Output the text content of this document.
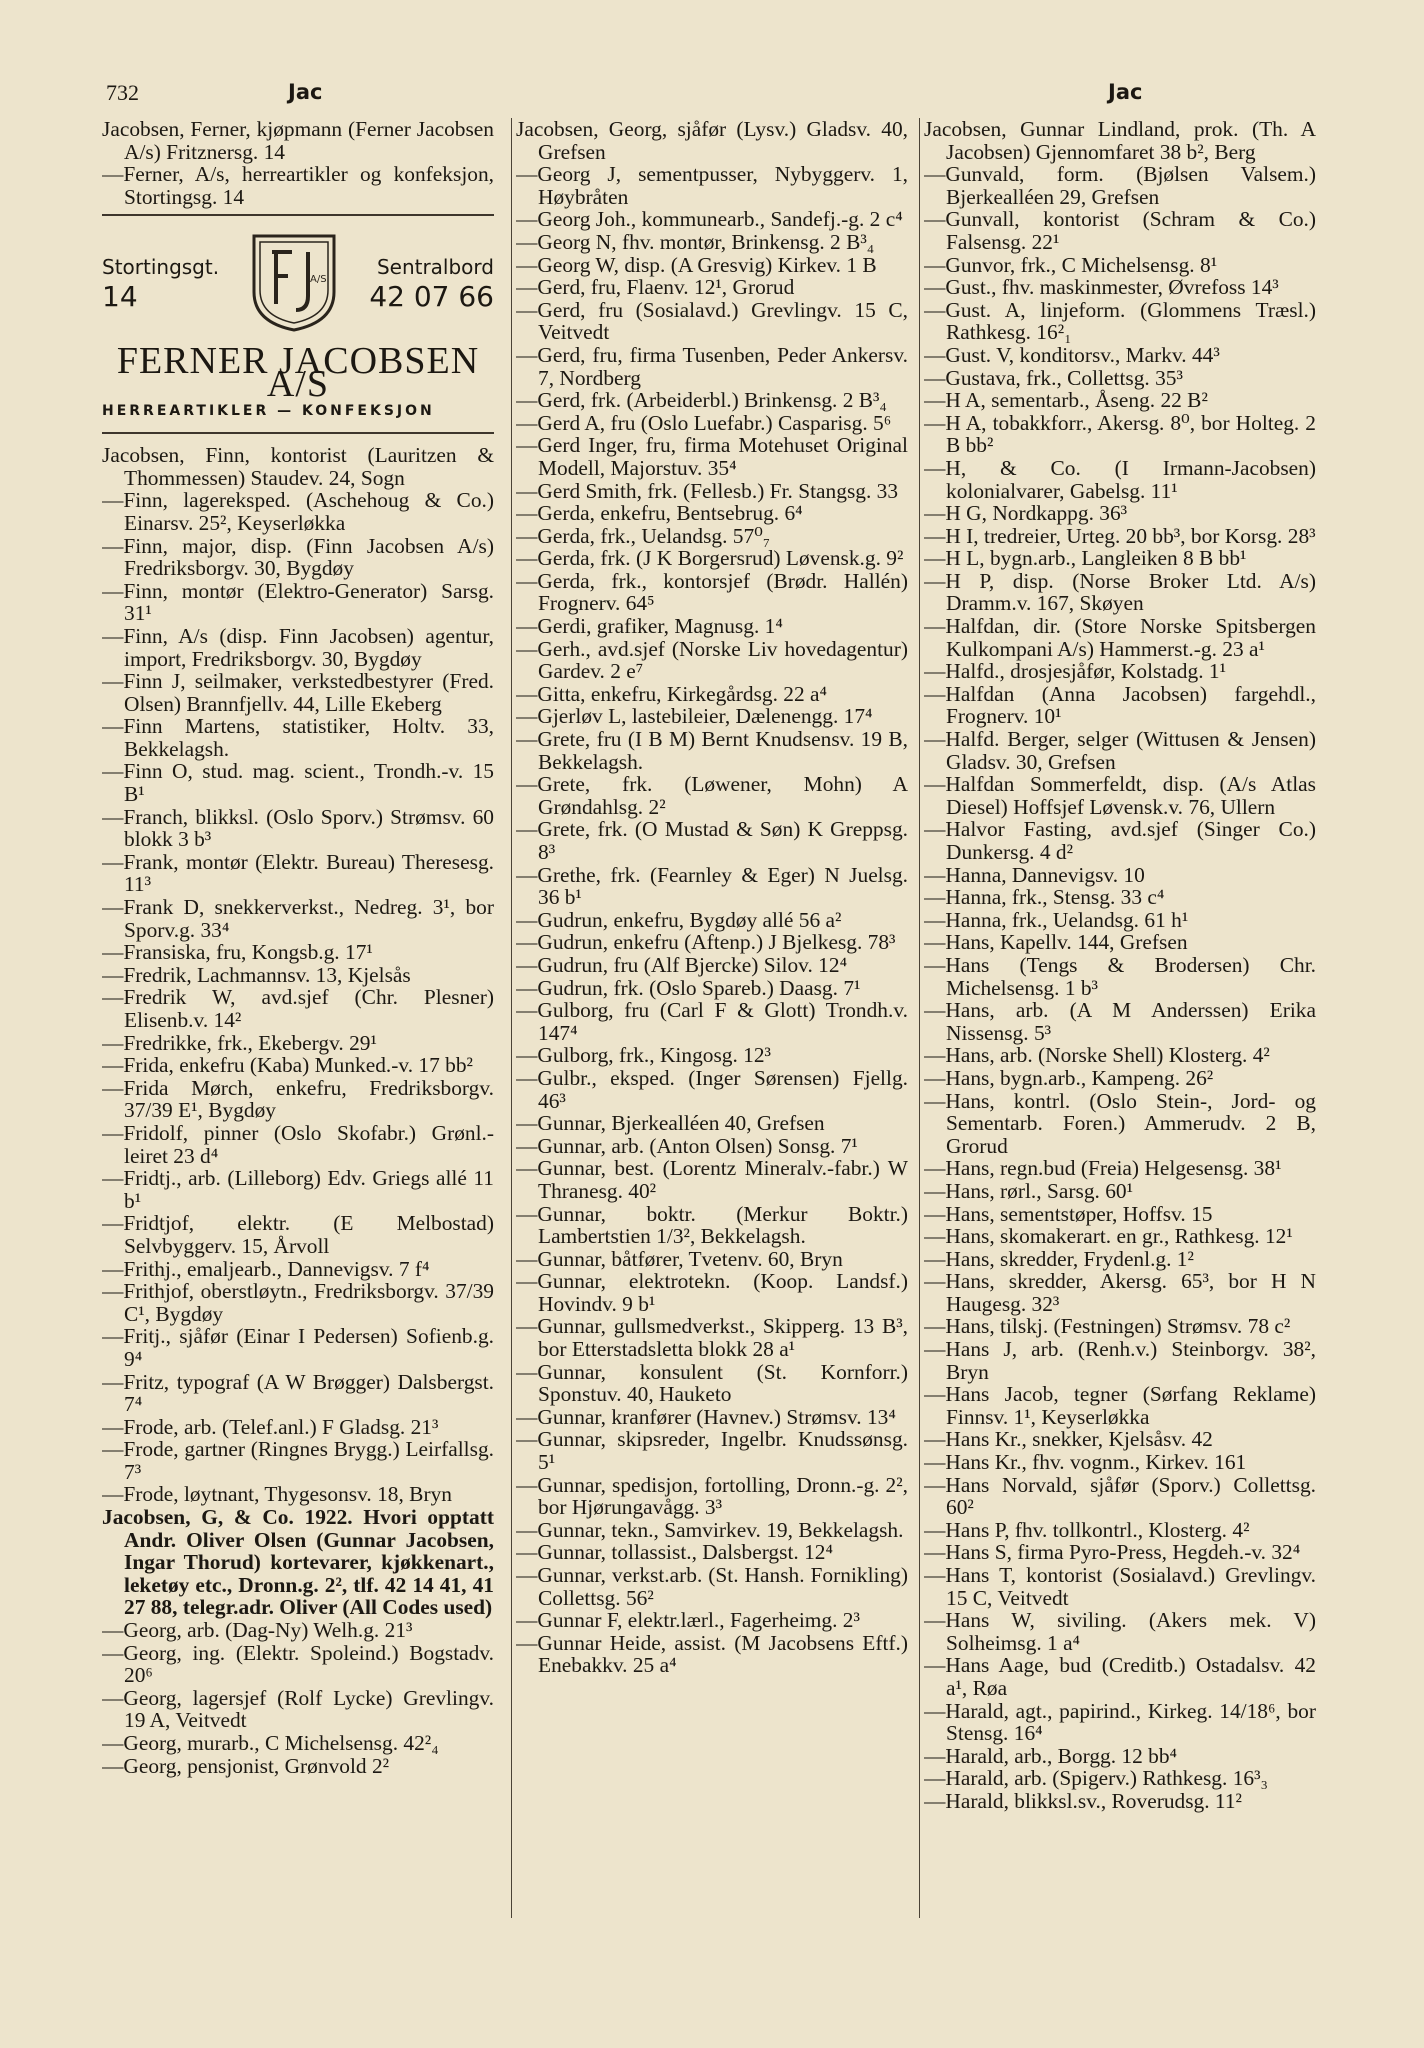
732	Jac	Jac
Jacobsen, Ferner, kjøpmann (Ferner Jacobsen A/s) Fritznersg. 14
—Ferner, A/s, herreartikler og konfeksjon, Stortingsg. 14
Stortingsgt.
14
A/S
Sentralbord
42 07 66
FERNER JACOBSEN A/S
HERREARTIKLER — KONFEKSJON
Jacobsen, Finn, kontorist (Lauritzen & Thommessen) Staudev. 24, Sogn
—Finn, lagereksped. (Aschehoug & Co.) Einarsv. 25², Keyserløkka
—Finn, major, disp. (Finn Jacobsen A/s) Fredriksborgv. 30, Bygdøy
—Finn, montør (Elektro-Generator) Sarsg. 31¹
—Finn, A/s (disp. Finn Jacobsen) agentur, import, Fredriksborgv. 30, Bygdøy
—Finn J, seilmaker, verkstedbestyrer (Fred. Olsen) Brannfjellv. 44, Lille Ekeberg
—Finn Martens, statistiker, Holtv. 33, Bekkelagsh.
—Finn O, stud. mag. scient., Trondh.-v. 15 B¹
—Franch, blikksl. (Oslo Sporv.) Strømsv. 60 blokk 3 b³
—Frank, montør (Elektr. Bureau) Theresesg. 11³
—Frank D, snekkerverkst., Nedreg. 3¹, bor Sporv.g. 33⁴
—Fransiska, fru, Kongsb.g. 17¹
—Fredrik, Lachmannsv. 13, Kjelsås
—Fredrik W, avd.sjef (Chr. Plesner) Elisenb.v. 14²
—Fredrikke, frk., Ekebergv. 29¹
—Frida, enkefru (Kaba) Munked.-v. 17 bb²
—Frida Mørch, enkefru, Fredriksborgv. 37/39 E¹, Bygdøy
—Fridolf, pinner (Oslo Skofabr.) Grønl.-leiret 23 d⁴
—Fridtj., arb. (Lilleborg) Edv. Griegs allé 11 b¹
—Fridtjof, elektr. (E Melbostad) Selvbyggerv. 15, Årvoll
—Frithj., emaljearb., Dannevigsv. 7 f⁴
—Frithjof, oberstløytn., Fredriksborgv. 37/39 C¹, Bygdøy
—Fritj., sjåfør (Einar I Pedersen) Sofienb.g. 9⁴
—Fritz, typograf (A W Brøgger) Dalsbergst. 7⁴
—Frode, arb. (Telef.anl.) F Gladsg. 21³
—Frode, gartner (Ringnes Brygg.) Leirfallsg. 7³
—Frode, løytnant, Thygesonsv. 18, Bryn
Jacobsen, G, & Co. 1922. Hvori opptatt Andr. Oliver Olsen (Gunnar Jacobsen, Ingar Thorud) kortevarer, kjøkkenart., leketøy etc., Dronn.g. 2², tlf. 42 14 41, 41 27 88, telegr.adr. Oliver (All Codes used)
—Georg, arb. (Dag-Ny) Welh.g. 21³
—Georg, ing. (Elektr. Spoleind.) Bogstadv. 20⁶
—Georg, lagersjef (Rolf Lycke) Grevlingv. 19 A, Veitvedt
—Georg, murarb., C Michelsensg. 42²₄
—Georg, pensjonist, Grønvold 2²
Jacobsen, Georg, sjåfør (Lysv.) Gladsv. 40, Grefsen
—Georg J, sementpusser, Nybyggerv. 1, Høybråten
—Georg Joh., kommunearb., Sandefj.-g. 2 c⁴
—Georg N, fhv. montør, Brinkensg. 2 B³₄
—Georg W, disp. (A Gresvig) Kirkev. 1 B
—Gerd, fru, Flaenv. 12¹, Grorud
—Gerd, fru (Sosialavd.) Grevlingv. 15 C, Veitvedt
—Gerd, fru, firma Tusenben, Peder Ankersv. 7, Nordberg
—Gerd, frk. (Arbeiderbl.) Brinkensg. 2 B³₄
—Gerd A, fru (Oslo Luefabr.) Casparisg. 5⁶
—Gerd Inger, fru, firma Motehuset Original Modell, Majorstuv. 35⁴
—Gerd Smith, frk. (Fellesb.) Fr. Stangsg. 33
—Gerda, enkefru, Bentsebrug. 6⁴
—Gerda, frk., Uelandsg. 57⁰₇
—Gerda, frk. (J K Borgersrud) Løvensk.g. 9²
—Gerda, frk., kontorsjef (Brødr. Hallén) Frognerv. 64⁵
—Gerdi, grafiker, Magnusg. 1⁴
—Gerh., avd.sjef (Norske Liv hovedagentur) Gardev. 2 e⁷
—Gitta, enkefru, Kirkegårdsg. 22 a⁴
—Gjerløv L, lastebileier, Dælenengg. 17⁴
—Grete, fru (I B M) Bernt Knudsensv. 19 B, Bekkelagsh.
—Grete, frk. (Løwener, Mohn) A Grøndahlsg. 2²
—Grete, frk. (O Mustad & Søn) K Greppsg. 8³
—Grethe, frk. (Fearnley & Eger) N Juelsg. 36 b¹
—Gudrun, enkefru, Bygdøy allé 56 a²
—Gudrun, enkefru (Aftenp.) J Bjelkesg. 78³
—Gudrun, fru (Alf Bjercke) Silov. 12⁴
—Gudrun, frk. (Oslo Spareb.) Daasg. 7¹
—Gulborg, fru (Carl F & Glott) Trondh.v. 147⁴
—Gulborg, frk., Kingosg. 12³
—Gulbr., eksped. (Inger Sørensen) Fjellg. 46³
—Gunnar, Bjerkealléen 40, Grefsen
—Gunnar, arb. (Anton Olsen) Sonsg. 7¹
—Gunnar, best. (Lorentz Mineralv.-fabr.) W Thranesg. 40²
—Gunnar, boktr. (Merkur Boktr.) Lambertstien 1/3², Bekkelagsh.
—Gunnar, båtfører, Tvetenv. 60, Bryn
—Gunnar, elektrotekn. (Koop. Landsf.) Hovindv. 9 b¹
—Gunnar, gullsmedverkst., Skipperg. 13 B³, bor Etterstadsletta blokk 28 a¹
—Gunnar, konsulent (St. Kornforr.) Sponstuv. 40, Hauketo
—Gunnar, kranfører (Havnev.) Strømsv. 13⁴
—Gunnar, skipsreder, Ingelbr. Knudssønsg. 5¹
—Gunnar, spedisjon, fortolling, Dronn.-g. 2², bor Hjørungavågg. 3³
—Gunnar, tekn., Samvirkev. 19, Bekkelagsh.
—Gunnar, tollassist., Dalsbergst. 12⁴
—Gunnar, verkst.arb. (St. Hansh. Fornikling) Collettsg. 56²
—Gunnar F, elektr.lærl., Fagerheimg. 2³
—Gunnar Heide, assist. (M Jacobsens Eftf.) Enebakkv. 25 a⁴
Jacobsen, Gunnar Lindland, prok. (Th. A Jacobsen) Gjennomfaret 38 b², Berg
—Gunvald, form. (Bjølsen Valsem.) Bjerkealléen 29, Grefsen
—Gunvall, kontorist (Schram & Co.) Falsensg. 22¹
—Gunvor, frk., C Michelsensg. 8¹
—Gust., fhv. maskinmester, Øvrefoss 14³
—Gust. A, linjeform. (Glommens Træsl.) Rathkesg. 16²₁
—Gust. V, konditorsv., Markv. 44³
—Gustava, frk., Collettsg. 35³
—H A, sementarb., Åseng. 22 B²
—H A, tobakkforr., Akersg. 8⁰, bor Holteg. 2 B bb²
—H, & Co. (I Irmann-Jacobsen) kolonialvarer, Gabelsg. 11¹
—H G, Nordkappg. 36³
—H I, tredreier, Urteg. 20 bb³, bor Korsg. 28³
—H L, bygn.arb., Langleiken 8 B bb¹
—H P, disp. (Norse Broker Ltd. A/s) Dramm.v. 167, Skøyen
—Halfdan, dir. (Store Norske Spitsbergen Kulkompani A/s) Hammerst.-g. 23 a¹
—Halfd., drosjesjåfør, Kolstadg. 1¹
—Halfdan (Anna Jacobsen) fargehdl., Frognerv. 10¹
—Halfd. Berger, selger (Wittusen & Jensen) Gladsv. 30, Grefsen
—Halfdan Sommerfeldt, disp. (A/s Atlas Diesel) Hoffsjef Løvensk.v. 76, Ullern
—Halvor Fasting, avd.sjef (Singer Co.) Dunkersg. 4 d²
—Hanna, Dannevigsv. 10
—Hanna, frk., Stensg. 33 c⁴
—Hanna, frk., Uelandsg. 61 h¹
—Hans, Kapellv. 144, Grefsen
—Hans (Tengs & Brodersen) Chr. Michelsensg. 1 b³
—Hans, arb. (A M Anderssen) Erika Nissensg. 5³
—Hans, arb. (Norske Shell) Klosterg. 4²
—Hans, bygn.arb., Kampeng. 26²
—Hans, kontrl. (Oslo Stein-, Jord- og Sementarb. Foren.) Ammerudv. 2 B, Grorud
—Hans, regn.bud (Freia) Helgesensg. 38¹
—Hans, rørl., Sarsg. 60¹
—Hans, sementstøper, Hoffsv. 15
—Hans, skomakerart. en gr., Rathkesg. 12¹
—Hans, skredder, Frydenl.g. 1²
—Hans, skredder, Akersg. 65³, bor H N Haugesg. 32³
—Hans, tilskj. (Festningen) Strømsv. 78 c²
—Hans J, arb. (Renh.v.) Steinborgv. 38², Bryn
—Hans Jacob, tegner (Sørfang Reklame) Finnsv. 1¹, Keyserløkka
—Hans Kr., snekker, Kjelsåsv. 42
—Hans Kr., fhv. vognm., Kirkev. 161
—Hans Norvald, sjåfør (Sporv.) Collettsg. 60²
—Hans P, fhv. tollkontrl., Klosterg. 4²
—Hans S, firma Pyro-Press, Hegdeh.-v. 32⁴
—Hans T, kontorist (Sosialavd.) Grevlingv. 15 C, Veitvedt
—Hans W, siviling. (Akers mek. V) Solheimsg. 1 a⁴
—Hans Aage, bud (Creditb.) Ostadalsv. 42 a¹, Røa
—Harald, agt., papirind., Kirkeg. 14/18⁶, bor Stensg. 16⁴
—Harald, arb., Borgg. 12 bb⁴
—Harald, arb. (Spigerv.) Rathkesg. 16³₃
—Harald, blikksl.sv., Roverudsg. 11²
